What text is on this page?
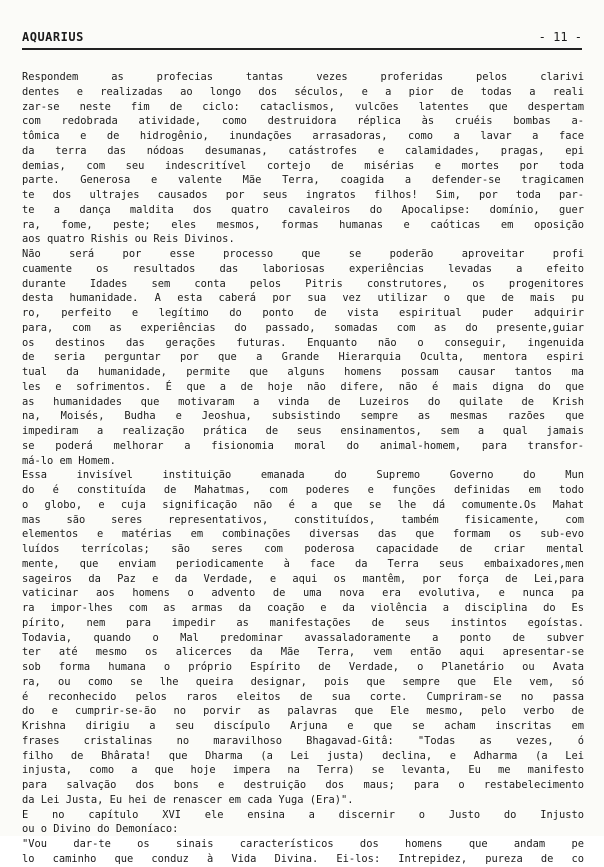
AQUARIUS	- 11 -
Respondem as profecias tantas vezes proferidas pelos clarivi
dentes e realizadas ao longo dos séculos, e a pior de todas a reali
zar-se neste fim de ciclo: cataclismos, vulcões latentes que despertam
com redobrada atividade, como destruidora réplica às cruéis bombas a-
tômica e de hidrogênio, inundações arrasadoras, como a lavar a face
da terra das nódoas desumanas, catástrofes e calamidades, pragas, epi
demias, com seu indescritível cortejo de misérias e mortes por toda
parte. Generosa e valente Mãe Terra, coagida a defender-se tragicamen
te dos ultrajes causados por seus ingratos filhos! Sim, por toda par-
te a dança maldita dos quatro cavaleiros do Apocalipse: domínio, guer
ra, fome, peste; eles mesmos, formas humanas e caóticas em oposição
aos quatro Rishis ou Reis Divinos.
Não será por esse processo que se poderão aproveitar profi
cuamente os resultados das laboriosas experiências levadas a efeito
durante Idades sem conta pelos Pitris construtores, os progenitores
desta humanidade. A esta caberá por sua vez utilizar o que de mais pu
ro, perfeito e legítimo do ponto de vista espiritual puder adquirir
para, com as experiências do passado, somadas com as do presente,guiar
os destinos das gerações futuras. Enquanto não o conseguir, ingenuida
de seria perguntar por que a Grande Hierarquia Oculta, mentora espiri
tual da humanidade, permite que alguns homens possam causar tantos ma
les e sofrimentos. É que a de hoje não difere, não é mais digna do que
as humanidades que motivaram a vinda de Luzeiros do quilate de Krish
na, Moisés, Budha e Jeoshua, subsistindo sempre as mesmas razões que
impediram a realização prática de seus ensinamentos, sem a qual jamais
se poderá melhorar a fisionomia moral do animal-homem, para transfor-
má-lo em Homem.
Essa invisível instituição emanada do Supremo Governo do Mun
do é constituída de Mahatmas, com poderes e funções definidas em todo
o globo, e cuja significação não é a que se lhe dá comumente.Os Mahat
mas são seres representativos, constituídos, também fisicamente, com
elementos e matérias em combinações diversas das que formam os sub-evo
luídos terrícolas; são seres com poderosa capacidade de criar mental
mente, que enviam periodicamente à face da Terra seus embaixadores,men
sageiros da Paz e da Verdade, e aqui os mantêm, por força de Lei,para
vaticinar aos homens o advento de uma nova era evolutiva, e nunca pa
ra impor-lhes com as armas da coação e da violência a disciplina do Es
pírito, nem para impedir as manifestações de seus instintos egoístas.
Todavia, quando o Mal predominar avassaladoramente a ponto de subver
ter até mesmo os alicerces da Mãe Terra, vem então aqui apresentar-se
sob forma humana o próprio Espírito de Verdade, o Planetário ou Avata
ra, ou como se lhe queira designar, pois que sempre que Ele vem, só
é reconhecido pelos raros eleitos de sua corte. Cumpriram-se no passa
do e cumprir-se-ão no porvir as palavras que Ele mesmo, pelo verbo de
Krishna dirigiu a seu discípulo Arjuna e que se acham inscritas em
frases cristalinas no maravilhoso Bhagavad-Gitâ: "Todas as vezes, ó
filho de Bhârata! que Dharma (a Lei justa) declina, e Adharma (a Lei
injusta, como a que hoje impera na Terra) se levanta, Eu me manifesto
para salvação dos bons e destruição dos maus; para o restabelecimento
da Lei Justa, Eu hei de renascer em cada Yuga (Era)".
E no capítulo XVI ele ensina a discernir o Justo do Injusto
ou o Divino do Demoníaco:
"Vou dar-te os sinais característicos dos homens que andam pe
lo caminho que conduz à Vida Divina. Ei-los: Intrepidez, pureza de co
